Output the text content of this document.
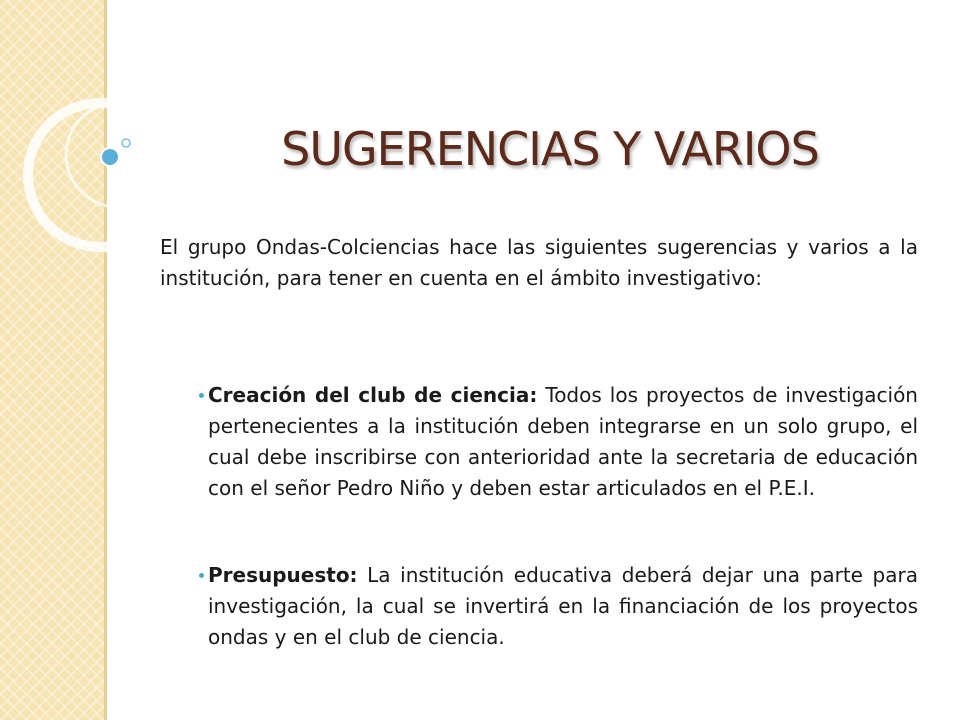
SUGERENCIAS Y VARIOS

El grupo Ondas-Colciencias hace las siguientes sugerencias y varios a la institución, para tener en cuenta en el ámbito investigativo:

Creación del club de ciencia: Todos los proyectos de investigación pertenecientes a la institución deben integrarse en un solo grupo, el cual debe inscribirse con anterioridad ante la secretaria de educación con el señor Pedro Niño y deben estar articulados en el P.E.I.
Presupuesto: La institución educativa deberá dejar una parte para investigación, la cual se invertirá en la financiación de los proyectos ondas y en el club de ciencia.
